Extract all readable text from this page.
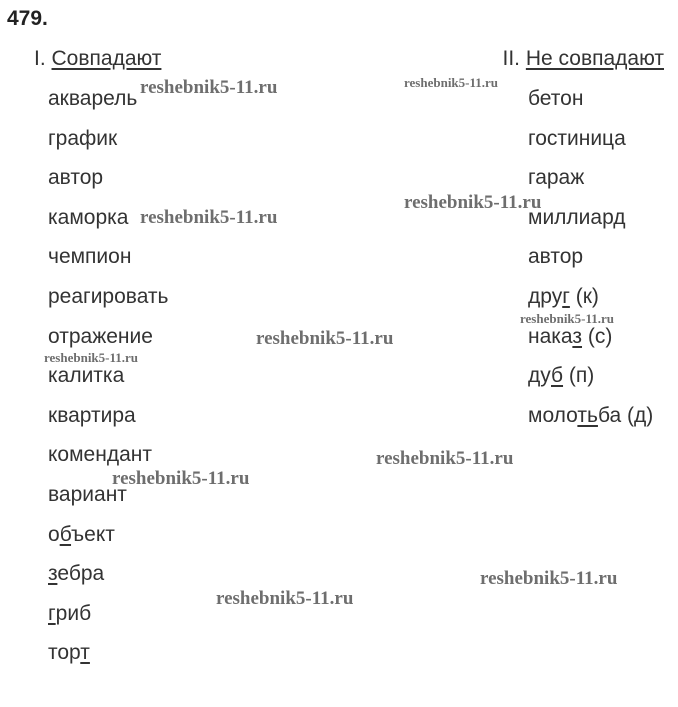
479.
I. Совпадают	II. Не совпадают
акварель
график
автор
каморка
чемпион
реагировать
отражение
калитка
квартира
комендант
вариант
объект
зебра
гриб
торт
бетон
гостиница
гараж
миллиард
автор
друг (к)
наказ (с)
дуб (п)
молотьба (д)
reshebnik5-11.ru	reshebnik5-11.ru
reshebnik5-11.ru
reshebnik5-11.ru
reshebnik5-11.ru
reshebnik5-11.ru
reshebnik5-11.ru
reshebnik5-11.ru
reshebnik5-11.ru
reshebnik5-11.ru
reshebnik5-11.ru
